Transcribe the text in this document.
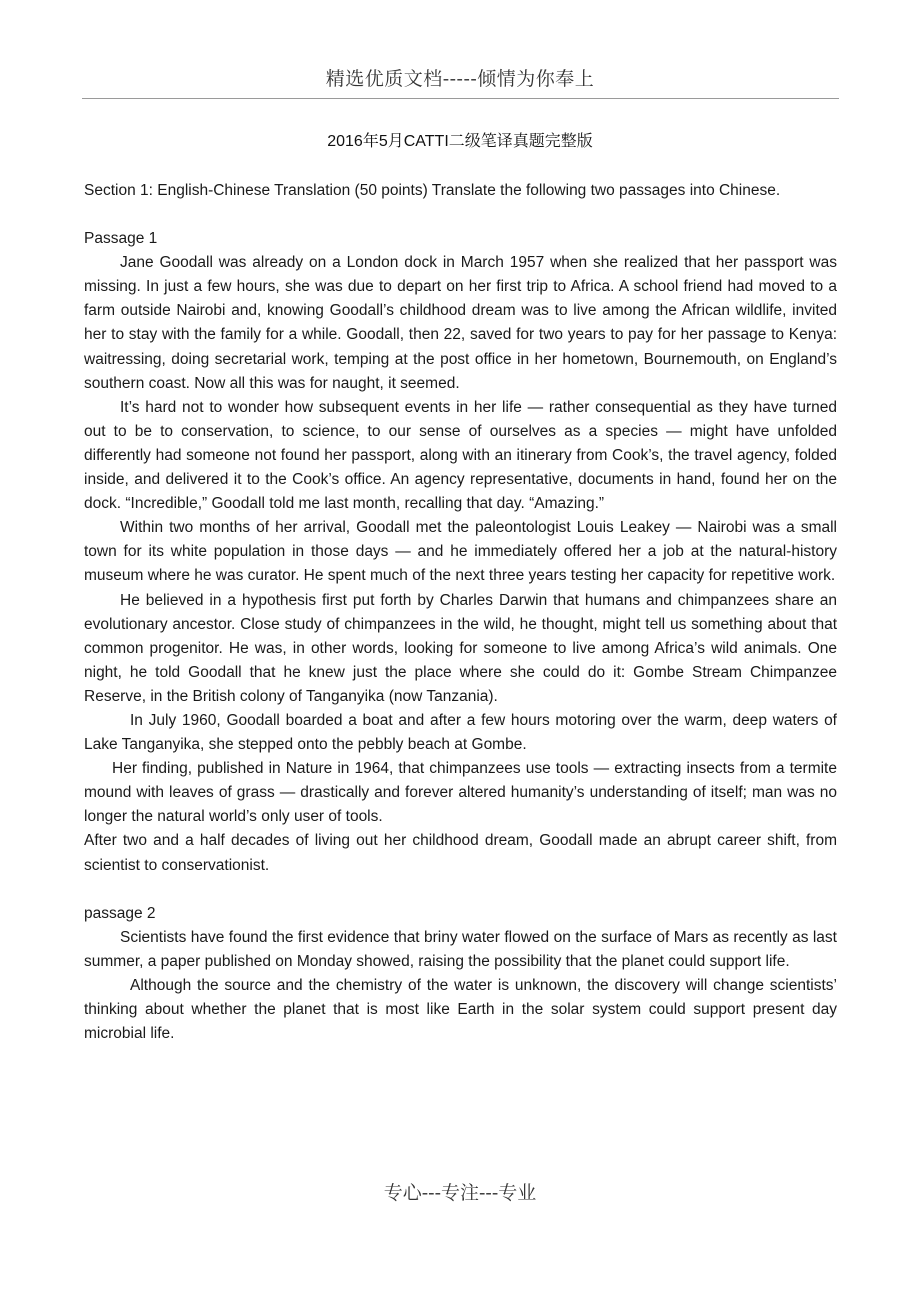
精选优质文档-----倾情为你奉上
2016年5月CATTI二级笔译真题完整版

Section 1: English-Chinese Translation (50 points) Translate the following two passages into Chinese.

Passage 1

Jane Goodall was already on a London dock in March 1957 when she realized that her passport was missing. In just a few hours, she was due to depart on her first trip to Africa. A school friend had moved to a farm outside Nairobi and, knowing Goodall’s childhood dream was to live among the African wildlife, invited her to stay with the family for a while. Goodall, then 22, saved for two years to pay for her passage to Kenya: waitressing, doing secretarial work, temping at the post office in her hometown, Bournemouth, on England’s southern coast. Now all this was for naught, it seemed.

It’s hard not to wonder how subsequent events in her life — rather consequential as they have turned out to be to conservation, to science, to our sense of ourselves as a species — might have unfolded differently had someone not found her passport, along with an itinerary from Cook’s, the travel agency, folded inside, and delivered it to the Cook’s office. An agency representative, documents in hand, found her on the dock. “Incredible,” Goodall told me last month, recalling that day. “Amazing.”

Within two months of her arrival, Goodall met the paleontologist Louis Leakey — Nairobi was a small town for its white population in those days — and he immediately offered her a job at the natural-history museum where he was curator. He spent much of the next three years testing her capacity for repetitive work.

He believed in a hypothesis first put forth by Charles Darwin that humans and chimpanzees share an evolutionary ancestor. Close study of chimpanzees in the wild, he thought, might tell us something about that common progenitor. He was, in other words, looking for someone to live among Africa’s wild animals. One night, he told Goodall that he knew just the place where she could do it: Gombe Stream Chimpanzee Reserve, in the British colony of Tanganyika (now Tanzania).

In July 1960, Goodall boarded a boat and after a few hours motoring over the warm, deep waters of Lake Tanganyika, she stepped onto the pebbly beach at Gombe.

Her finding, published in Nature in 1964, that chimpanzees use tools — extracting insects from a termite mound with leaves of grass — drastically and forever altered humanity’s understanding of itself; man was no longer the natural world’s only user of tools.

After two and a half decades of living out her childhood dream, Goodall made an abrupt career shift, from scientist to conservationist.

passage 2

Scientists have found the first evidence that briny water flowed on the surface of Mars as recently as last summer, a paper published on Monday showed, raising the possibility that the planet could support life.

Although the source and the chemistry of the water is unknown, the discovery will change scientists’ thinking about whether the planet that is most like Earth in the solar system could support present day microbial life.

专心---专注---专业
